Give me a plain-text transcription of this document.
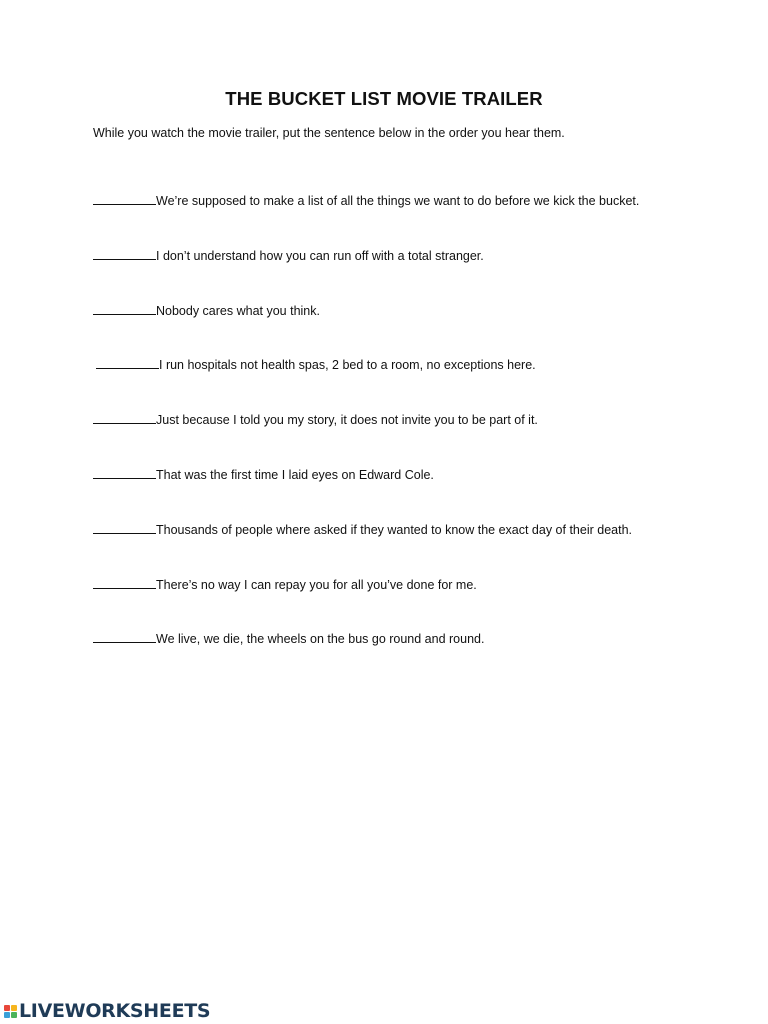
THE BUCKET LIST MOVIE TRAILER
While you watch the movie trailer, put the sentence below in the order you hear them.
We’re supposed to make a list of all the things we want to do before we kick the bucket.
I don’t understand how you can run off with a total stranger.
Nobody cares what you think.
I run hospitals not health spas, 2 bed to a room, no exceptions here.
Just because I told you my story, it does not invite you to be part of it.
That was the first time I laid eyes on Edward Cole.
Thousands of people where asked if they wanted to know the exact day of their death.
There’s no way I can repay you for all you’ve done for me.
We live, we die, the wheels on the bus go round and round.
LIVEWORKSHEETS
